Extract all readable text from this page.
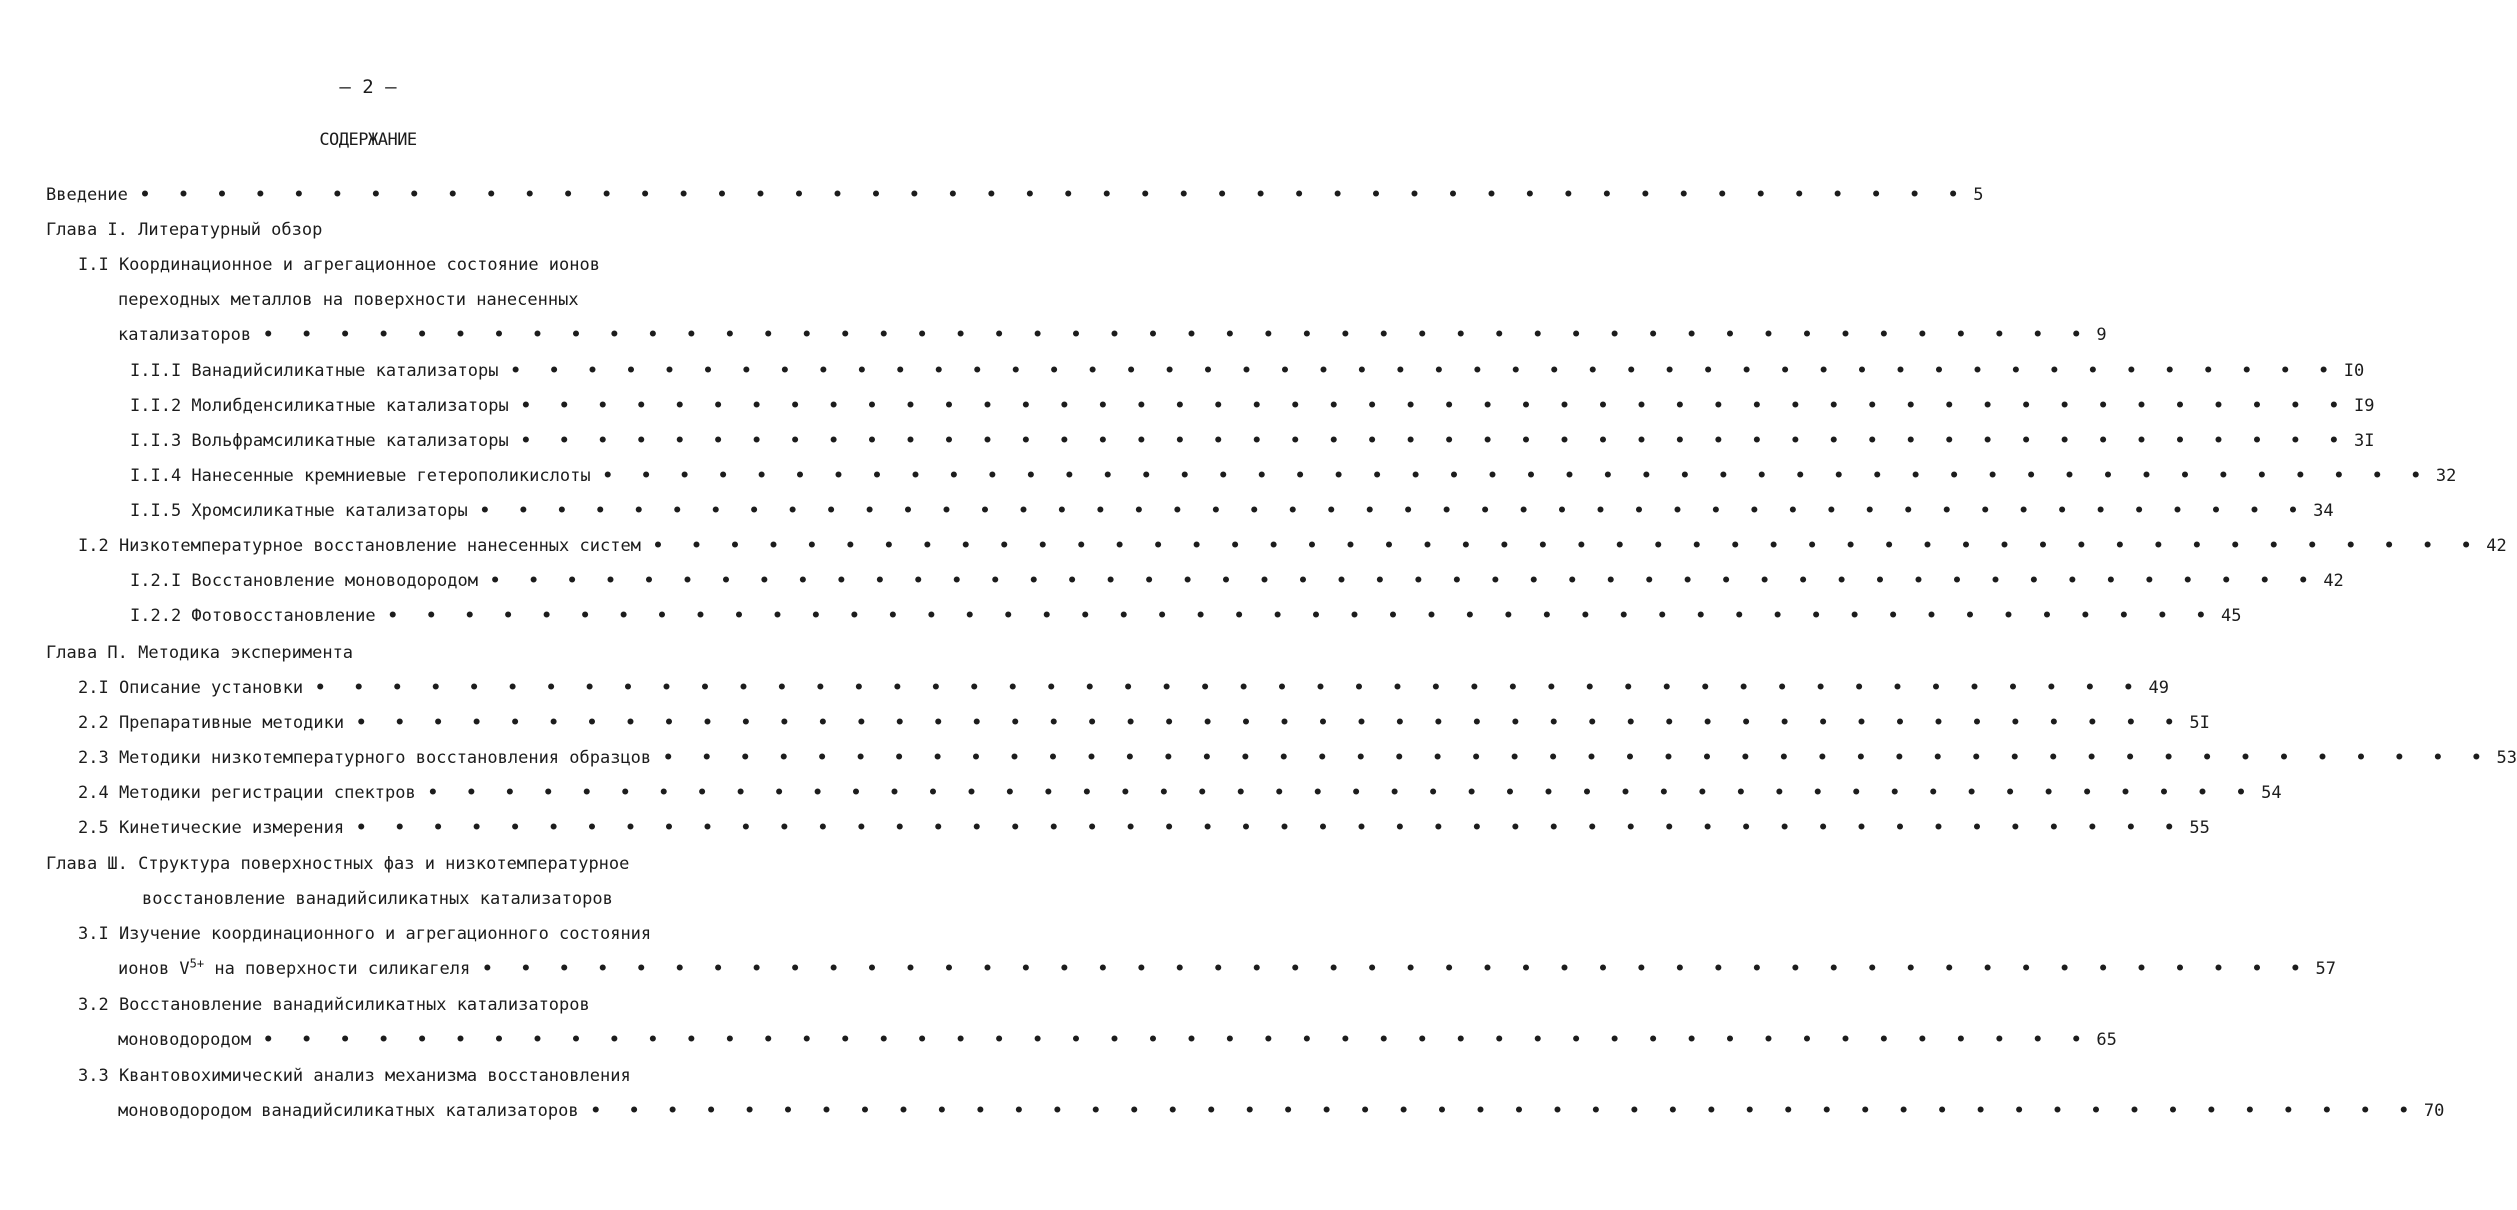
– 2 –
СОДЕРЖАНИЕ
Введение • • • • • • • • • • • • • • • • • • • • • • • • • • • • • • • • • • • • • • • • • • • • • • • • 5
Глава I. Литературный обзор
I.I Координационное и агрегационное состояние ионов
переходных металлов на поверхности нанесенных
катализаторов • • • • • • • • • • • • • • • • • • • • • • • • • • • • • • • • • • • • • • • • • • • • • • • • 9
I.I.I Ванадийсиликатные катализаторы • • • • • • • • • • • • • • • • • • • • • • • • • • • • • • • • • • • • • • • • • • • • • • • • I0
I.I.2 Молибденсиликатные катализаторы • • • • • • • • • • • • • • • • • • • • • • • • • • • • • • • • • • • • • • • • • • • • • • • • I9
I.I.3 Вольфрамсиликатные катализаторы • • • • • • • • • • • • • • • • • • • • • • • • • • • • • • • • • • • • • • • • • • • • • • • • 3I
I.I.4 Нанесенные кремниевые гетерополикислоты • • • • • • • • • • • • • • • • • • • • • • • • • • • • • • • • • • • • • • • • • • • • • • • • 32
I.I.5 Хромсиликатные катализаторы • • • • • • • • • • • • • • • • • • • • • • • • • • • • • • • • • • • • • • • • • • • • • • • • 34
I.2 Низкотемпературное восстановление нанесенных систем • • • • • • • • • • • • • • • • • • • • • • • • • • • • • • • • • • • • • • • • • • • • • • • • 42
I.2.I Восстановление моноводородом • • • • • • • • • • • • • • • • • • • • • • • • • • • • • • • • • • • • • • • • • • • • • • • • 42
I.2.2 Фотовосстановление • • • • • • • • • • • • • • • • • • • • • • • • • • • • • • • • • • • • • • • • • • • • • • • • 45
Глава П. Методика эксперимента
2.I Описание установки • • • • • • • • • • • • • • • • • • • • • • • • • • • • • • • • • • • • • • • • • • • • • • • • 49
2.2 Препаративные методики • • • • • • • • • • • • • • • • • • • • • • • • • • • • • • • • • • • • • • • • • • • • • • • • 5I
2.3 Методики низкотемпературного восстановления образцов • • • • • • • • • • • • • • • • • • • • • • • • • • • • • • • • • • • • • • • • • • • • • • • • 53
2.4 Методики регистрации спектров • • • • • • • • • • • • • • • • • • • • • • • • • • • • • • • • • • • • • • • • • • • • • • • • 54
2.5 Кинетические измерения • • • • • • • • • • • • • • • • • • • • • • • • • • • • • • • • • • • • • • • • • • • • • • • • 55
Глава Ш. Структура поверхностных фаз и низкотемпературное
восстановление ванадийсиликатных катализаторов
3.I Изучение координационного и агрегационного состояния
ионов $V^{5+}$ на поверхности силикагеля • • • • • • • • • • • • • • • • • • • • • • • • • • • • • • • • • • • • • • • • • • • • • • • • 57
3.2 Восстановление ванадийсиликатных катализаторов
моноводородом • • • • • • • • • • • • • • • • • • • • • • • • • • • • • • • • • • • • • • • • • • • • • • • • 65
3.3 Квантовохимический анализ механизма восстановления
моноводородом ванадийсиликатных катализаторов • • • • • • • • • • • • • • • • • • • • • • • • • • • • • • • • • • • • • • • • • • • • • • • • 70
